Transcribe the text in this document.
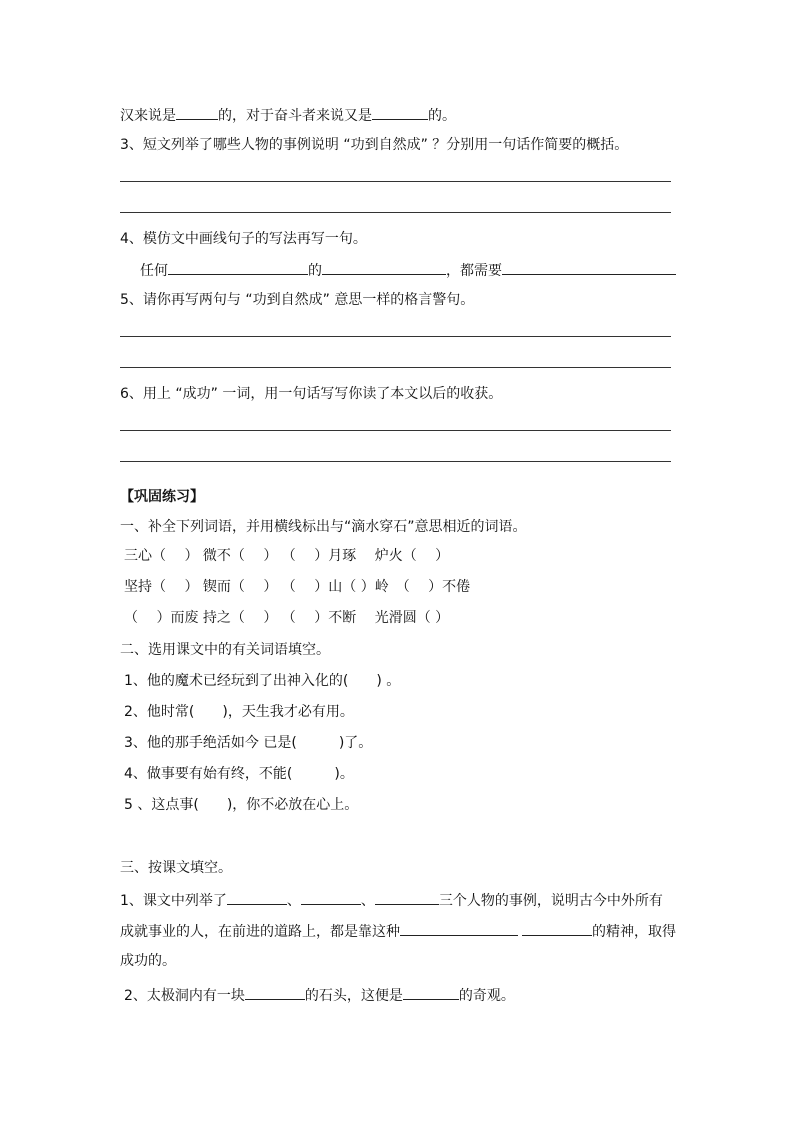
汉来说是	的，对于奋斗者来说又是	的。
3、短文列举了哪些人物的事例说明 “功到自然成” ？分别用一句话作简要的概括。
4、模仿文中画线句子的写法再写一句。
任何	的	，都需要
5、请你再写两句与 “功到自然成” 意思一样的格言警句。
6、用上 “成功” 一词，用一句话写写你读了本文以后的收获。
【巩固练习】
一、补全下列词语，并用横线标出与“滴水穿石”意思相近的词语。
三心（　 ） 微不（　 ） （　 ）月琢　 炉火（　 ）
坚持（　 ） 锲而（　 ） （　 ）山（ ）岭　（　 ）不倦
（　 ）而废 持之（　 ） （　 ）不断　 光滑圆（ ）
二、选用课文中的有关词语填空。
1、他的魔术已经玩到了出神入化的(　　) 。
2、他时常(　　)，天生我才必有用。
3、他的那手绝活如今 已是(　　　)了。
4、做事要有始有终，不能(　　　)。
5 、这点事(　　)，你不必放在心上。
三、按课文填空。
1、课文中列举了	、	、	三个人物的事例，说明古今中外所有
成就事业的人，在前进的道路上，都是靠这种	的精神，取得
成功的。
2、太极洞内有一块	的石头，这便是	的奇观。
